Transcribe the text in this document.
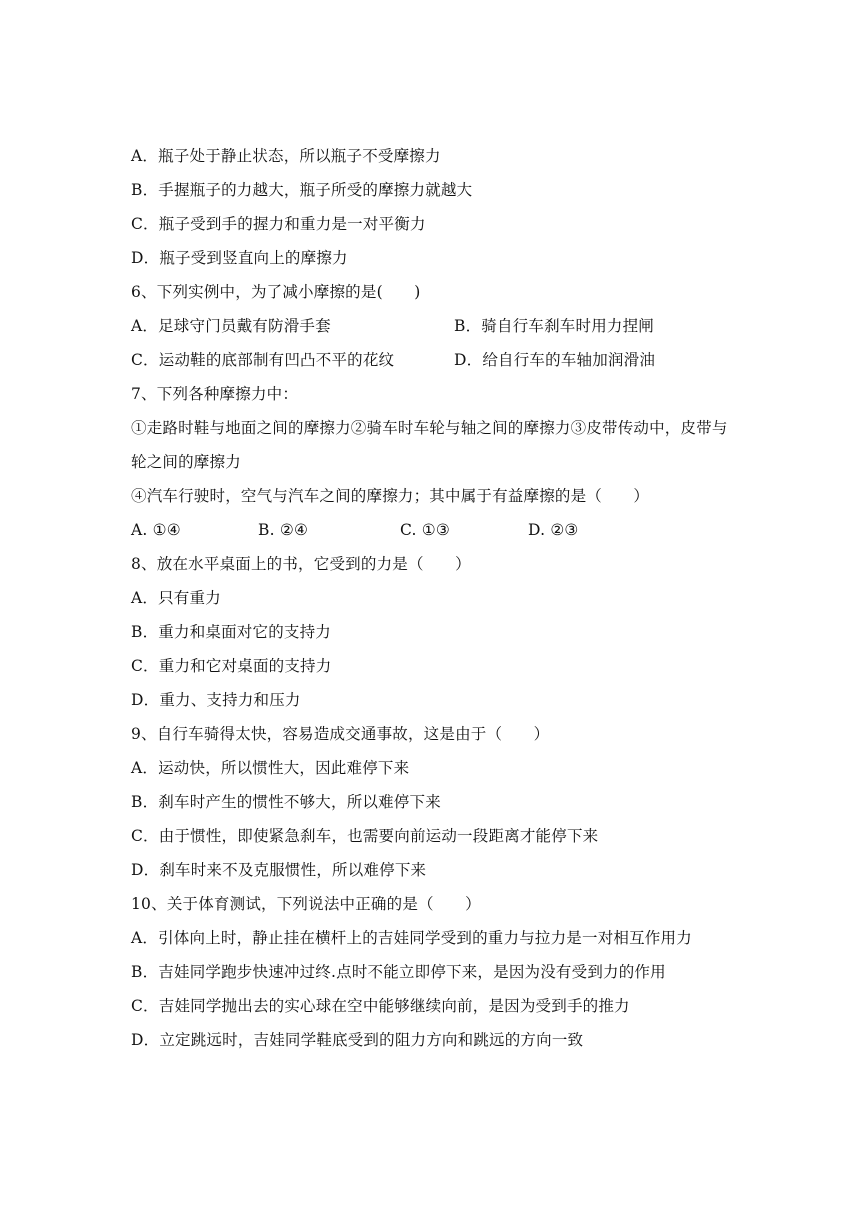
A．瓶子处于静止状态，所以瓶子不受摩擦力
B．手握瓶子的力越大，瓶子所受的摩擦力就越大
C．瓶子受到手的握力和重力是一对平衡力
D．瓶子受到竖直向上的摩擦力
6、下列实例中，为了减小摩擦的是(　　)
A．足球守门员戴有防滑手套	B．骑自行车刹车时用力捏闸
C．运动鞋的底部制有凹凸不平的花纹	D．给自行车的车轴加润滑油
7、下列各种摩擦力中：
①走路时鞋与地面之间的摩擦力②骑车时车轮与轴之间的摩擦力③皮带传动中，皮带与轮之间的摩擦力
④汽车行驶时，空气与汽车之间的摩擦力；其中属于有益摩擦的是（　　）
A. ①④	B. ②④	C. ①③	D. ②③
8、放在水平桌面上的书，它受到的力是（　　）
A．只有重力
B．重力和桌面对它的支持力
C．重力和它对桌面的支持力
D．重力、支持力和压力
9、自行车骑得太快，容易造成交通事故，这是由于（　　）
A．运动快，所以惯性大，因此难停下来
B．刹车时产生的惯性不够大，所以难停下来
C．由于惯性，即使紧急刹车，也需要向前运动一段距离才能停下来
D．刹车时来不及克服惯性，所以难停下来
10、关于体育测试，下列说法中正确的是（　　）
A．引体向上时，静止挂在横杆上的吉娃同学受到的重力与拉力是一对相互作用力
B．吉娃同学跑步快速冲过终.点时不能立即停下来，是因为没有受到力的作用
C．吉娃同学抛出去的实心球在空中能够继续向前，是因为受到手的推力
D．立定跳远时，吉娃同学鞋底受到的阻力方向和跳远的方向一致
